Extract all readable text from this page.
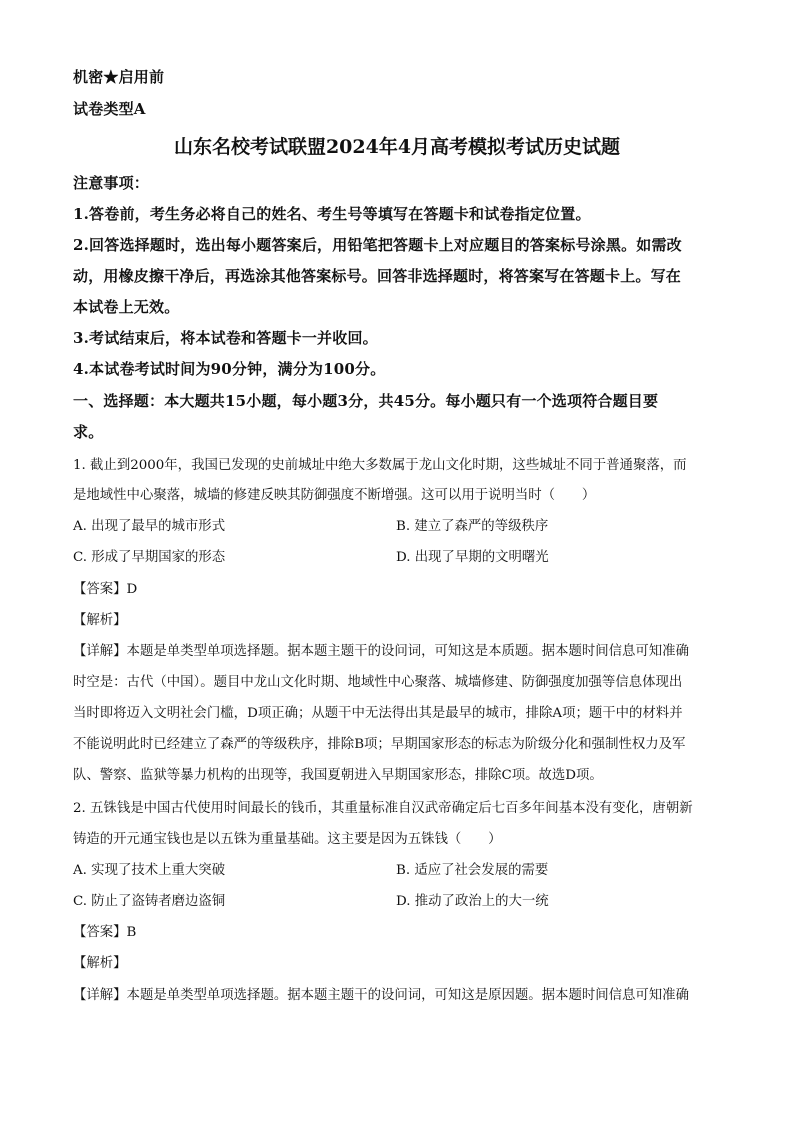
机密★启用前
试卷类型A
山东名校考试联盟2024年4月高考模拟考试历史试题
注意事项：
1.答卷前，考生务必将自己的姓名、考生号等填写在答题卡和试卷指定位置。
2.回答选择题时，选出每小题答案后，用铅笔把答题卡上对应题目的答案标号涂黑。如需改
动，用橡皮擦干净后，再选涂其他答案标号。回答非选择题时，将答案写在答题卡上。写在
本试卷上无效。
3.考试结束后，将本试卷和答题卡一并收回。
4.本试卷考试时间为90分钟，满分为100分。
一、选择题：本大题共15小题，每小题3分，共45分。每小题只有一个选项符合题目要
求。
1. 截止到2000年，我国已发现的史前城址中绝大多数属于龙山文化时期，这些城址不同于普通聚落，而
是地域性中心聚落，城墙的修建反映其防御强度不断增强。这可以用于说明当时（　　）
A. 出现了最早的城市形式	B. 建立了森严的等级秩序
C. 形成了早期国家的形态	D. 出现了早期的文明曙光
【答案】D
【解析】
【详解】本题是单类型单项选择题。据本题主题干的设问词，可知这是本质题。据本题时间信息可知准确
时空是：古代（中国）。题目中龙山文化时期、地域性中心聚落、城墙修建、防御强度加强等信息体现出
当时即将迈入文明社会门槛，D项正确；从题干中无法得出其是最早的城市，排除A项；题干中的材料并
不能说明此时已经建立了森严的等级秩序，排除B项；早期国家形态的标志为阶级分化和强制性权力及军
队、警察、监狱等暴力机构的出现等，我国夏朝进入早期国家形态，排除C项。故选D项。
2. 五铢钱是中国古代使用时间最长的钱币，其重量标准自汉武帝确定后七百多年间基本没有变化，唐朝新
铸造的开元通宝钱也是以五铢为重量基础。这主要是因为五铢钱（　　）
A. 实现了技术上重大突破	B. 适应了社会发展的需要
C. 防止了盗铸者磨边盗铜	D. 推动了政治上的大一统
【答案】B
【解析】
【详解】本题是单类型单项选择题。据本题主题干的设问词，可知这是原因题。据本题时间信息可知准确
